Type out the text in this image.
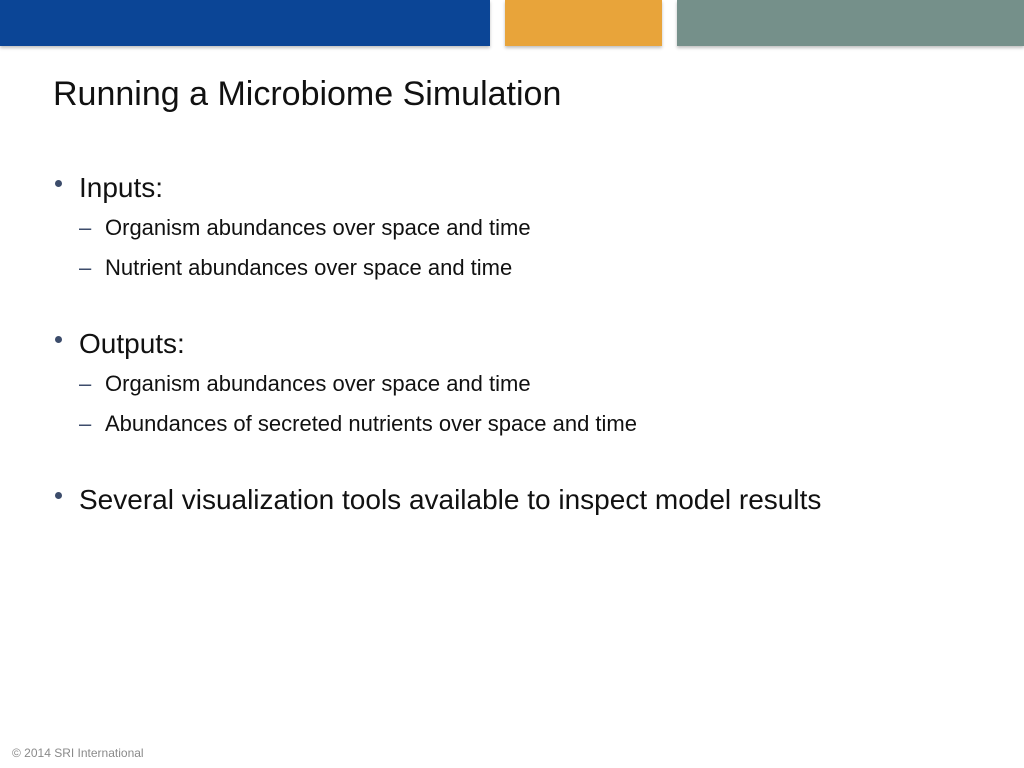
Running a Microbiome Simulation
Inputs:
– Organism abundances over space and time
– Nutrient abundances over space and time
Outputs:
– Organism abundances over space and time
– Abundances of secreted nutrients over space and time
Several visualization tools available to inspect model results
© 2014 SRI International
